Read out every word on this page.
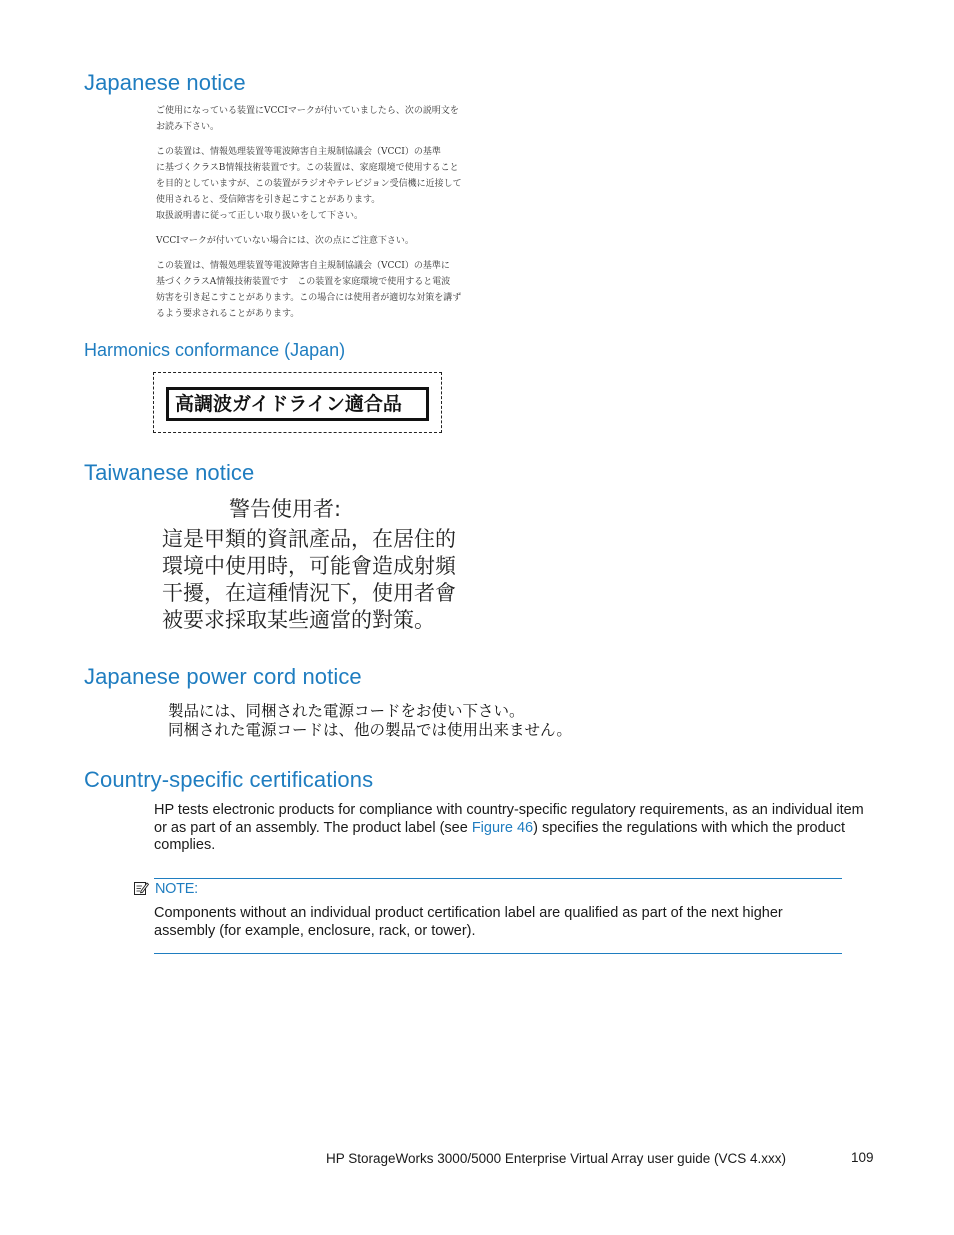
Japanese notice

ご使用になっている装置にVCCIマークが付いていましたら、次の説明文を

お読み下さい。

この装置は、情報処理装置等電波障害自主規制協議会（VCCI）の基準

に基づくクラスB情報技術装置です。この装置は、家庭環境で使用すること

を目的としていますが、この装置がラジオやテレビジョン受信機に近接して

使用されると、受信障害を引き起こすことがあります。

取扱説明書に従って正しい取り扱いをして下さい。

VCCIマークが付いていない場合には、次の点にご注意下さい。

この装置は、情報処理装置等電波障害自主規制協議会（VCCI）の基準に

基づくクラスA情報技術装置です　この装置を家庭環境で使用すると電波

妨害を引き起こすことがあります。この場合には使用者が適切な対策を講ず

るよう要求されることがあります。

Harmonics conformance (Japan)
高調波ガイドライン適合品
Taiwanese notice
警告使用者:
這是甲類的資訊產品，在居住的
環境中使用時，可能會造成射頻
干擾，在這種情況下，使用者會
被要求採取某些適當的對策。
Japanese power cord notice
製品には、同梱された電源コードをお使い下さい。
同梱された電源コードは、他の製品では使用出来ません。
Country-specific certifications
HP tests electronic products for compliance with country-specific regulatory requirements, as an individual item or as part of an assembly. The product label (see Figure 46) specifies the regulations with which the product complies.
NOTE:
Components without an individual product certification label are qualified as part of the next higher assembly (for example, enclosure, rack, or tower).
HP StorageWorks 3000/5000 Enterprise Virtual Array user guide (VCS 4.xxx)	109
